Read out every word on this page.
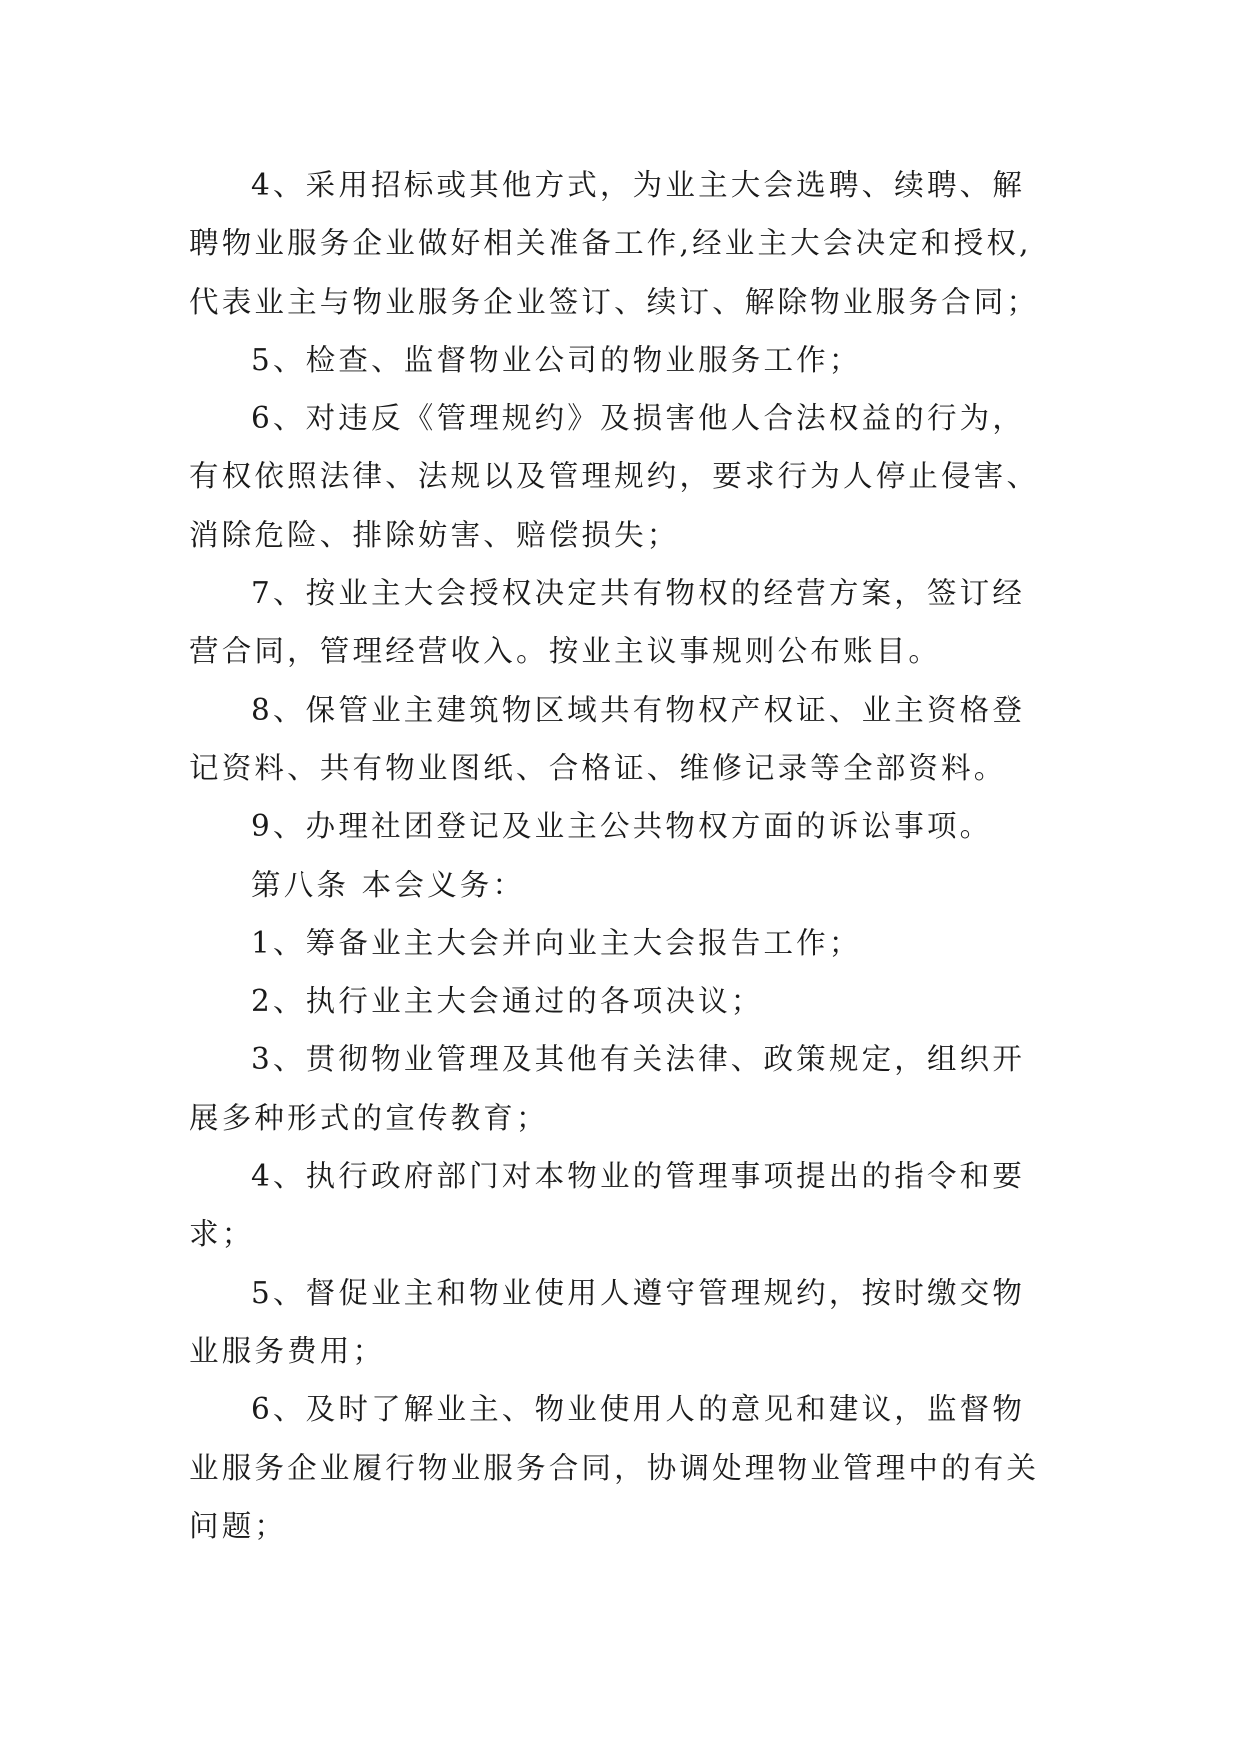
4、采用招标或其他方式，为业主大会选聘、续聘、解
聘物业服务企业做好相关准备工作,经业主大会决定和授权,
代表业主与物业服务企业签订、续订、解除物业服务合同；
5、检查、监督物业公司的物业服务工作；
6、对违反《管理规约》及损害他人合法权益的行为，
有权依照法律、法规以及管理规约，要求行为人停止侵害、
消除危险、排除妨害、赔偿损失；
7、按业主大会授权决定共有物权的经营方案，签订经
营合同，管理经营收入。按业主议事规则公布账目。
8、保管业主建筑物区域共有物权产权证、业主资格登
记资料、共有物业图纸、合格证、维修记录等全部资料。
9、办理社团登记及业主公共物权方面的诉讼事项。
第八条 本会义务：
1、筹备业主大会并向业主大会报告工作；
2、执行业主大会通过的各项决议；
3、贯彻物业管理及其他有关法律、政策规定，组织开
展多种形式的宣传教育；
4、执行政府部门对本物业的管理事项提出的指令和要
求；
5、督促业主和物业使用人遵守管理规约，按时缴交物
业服务费用；
6、及时了解业主、物业使用人的意见和建议，监督物
业服务企业履行物业服务合同，协调处理物业管理中的有关
问题；
